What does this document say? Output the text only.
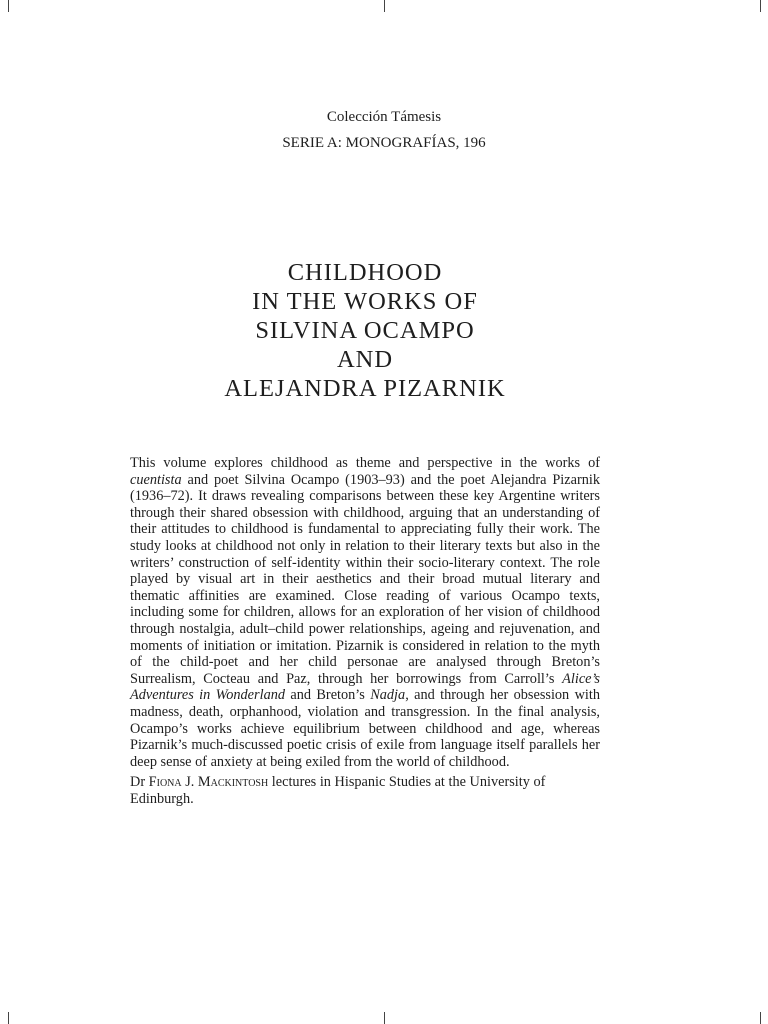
Colección Támesis
SERIE A: MONOGRAFÍAS, 196
CHILDHOOD
IN THE WORKS OF
SILVINA OCAMPO
AND
ALEJANDRA PIZARNIK

This volume explores childhood as theme and perspective in the works of cuentista and poet Silvina Ocampo (1903–93) and the poet Alejandra Pizarnik (1936–72). It draws revealing comparisons between these key Argentine writers through their shared obsession with childhood, arguing that an understanding of their attitudes to childhood is fundamental to appreciating fully their work. The study looks at childhood not only in relation to their literary texts but also in the writers’ construction of self-identity within their socio-literary context. The role played by visual art in their aesthetics and their broad mutual literary and thematic affinities are examined. Close reading of various Ocampo texts, including some for children, allows for an exploration of her vision of childhood through nostalgia, adult–child power relationships, ageing and rejuvenation, and moments of initiation or imitation. Pizarnik is considered in relation to the myth of the child-poet and her child personae are analysed through Breton’s Surrealism, Cocteau and Paz, through her borrowings from Carroll’s Alice’s Adventures in Wonderland and Breton’s Nadja, and through her obsession with madness, death, orphanhood, violation and transgression. In the final analysis, Ocampo’s works achieve equilibrium between childhood and age, whereas Pizarnik’s much-discussed poetic crisis of exile from language itself parallels her deep sense of anxiety at being exiled from the world of childhood.

Dr Fiona J. Mackintosh lectures in Hispanic Studies at the University of Edinburgh.
